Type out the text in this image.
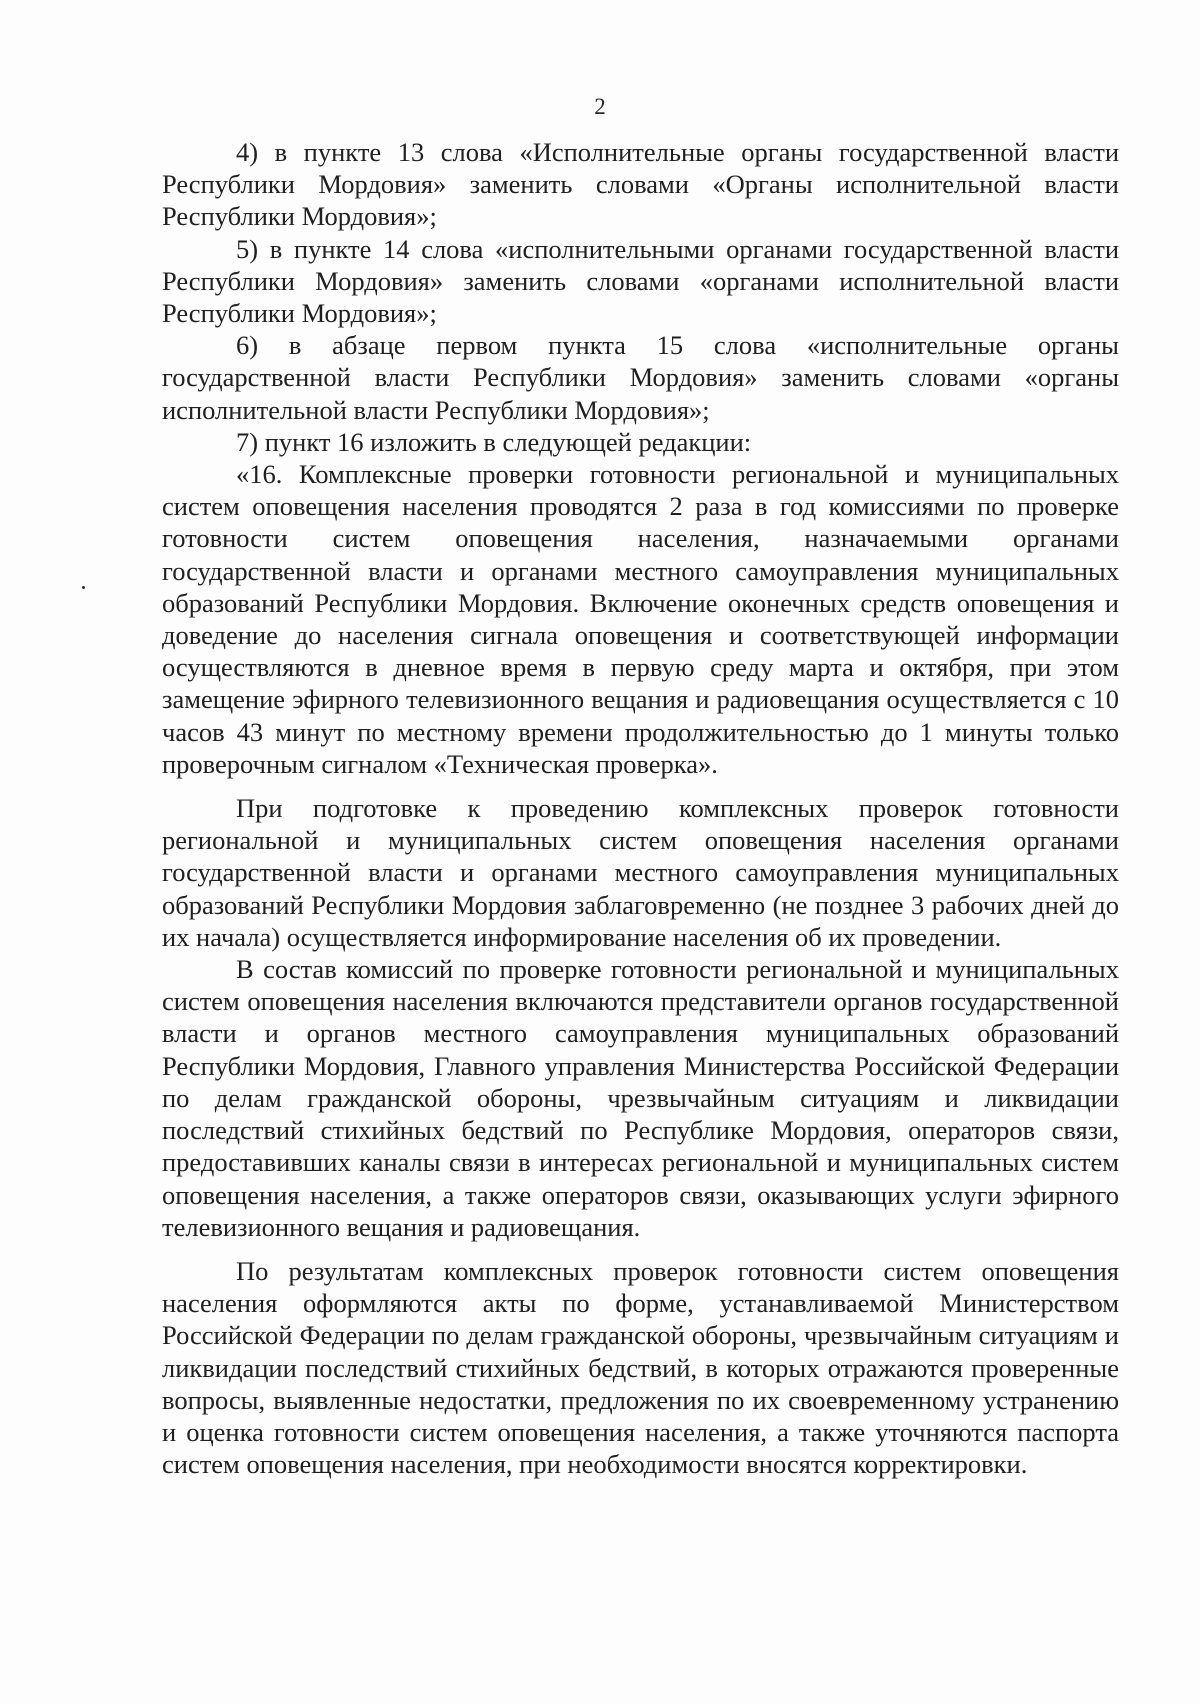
2

4) в пункте 13 слова «Исполнительные органы государственной власти Республики Мордовия» заменить словами «Органы исполнительной власти Республики Мордовия»;

5) в пункте 14 слова «исполнительными органами государственной власти Республики Мордовия» заменить словами «органами исполнительной власти Республики Мордовия»;

6) в абзаце первом пункта 15 слова «исполнительные органы государственной власти Республики Мордовия» заменить словами «органы исполнительной власти Республики Мордовия»;

7) пункт 16 изложить в следующей редакции:

«16. Комплексные проверки готовности региональной и муниципальных систем оповещения населения проводятся 2 раза в год комиссиями по проверке готовности систем оповещения населения, назначаемыми органами государственной власти и органами местного самоуправления муниципальных образований Республики Мордовия. Включение оконечных средств оповещения и доведение до населения сигнала оповещения и соответствующей информации осуществляются в дневное время в первую среду марта и октября, при этом замещение эфирного телевизионного вещания и радиовещания осуществляется с 10 часов 43 минут по местному времени продолжительностью до 1 минуты только проверочным сигналом «Техническая проверка».

При подготовке к проведению комплексных проверок готовности региональной и муниципальных систем оповещения населения органами государственной власти и органами местного самоуправления муниципальных образований Республики Мордовия заблаговременно (не позднее 3 рабочих дней до их начала) осуществляется информирование населения об их проведении.

В состав комиссий по проверке готовности региональной и муниципальных систем оповещения населения включаются представители органов государственной власти и органов местного самоуправления муниципальных образований Республики Мордовия, Главного управления Министерства Российской Федерации по делам гражданской обороны, чрезвычайным ситуациям и ликвидации последствий стихийных бедствий по Республике Мордовия, операторов связи, предоставивших каналы связи в интересах региональной и муниципальных систем оповещения населения, а также операторов связи, оказывающих услуги эфирного телевизионного вещания и радиовещания.

По результатам комплексных проверок готовности систем оповещения населения оформляются акты по форме, устанавливаемой Министерством Российской Федерации по делам гражданской обороны, чрезвычайным ситуациям и ликвидации последствий стихийных бедствий, в которых отражаются проверенные вопросы, выявленные недостатки, предложения по их своевременному устранению и оценка готовности систем оповещения населения, а также уточняются паспорта систем оповещения населения, при необходимости вносятся корректировки.
